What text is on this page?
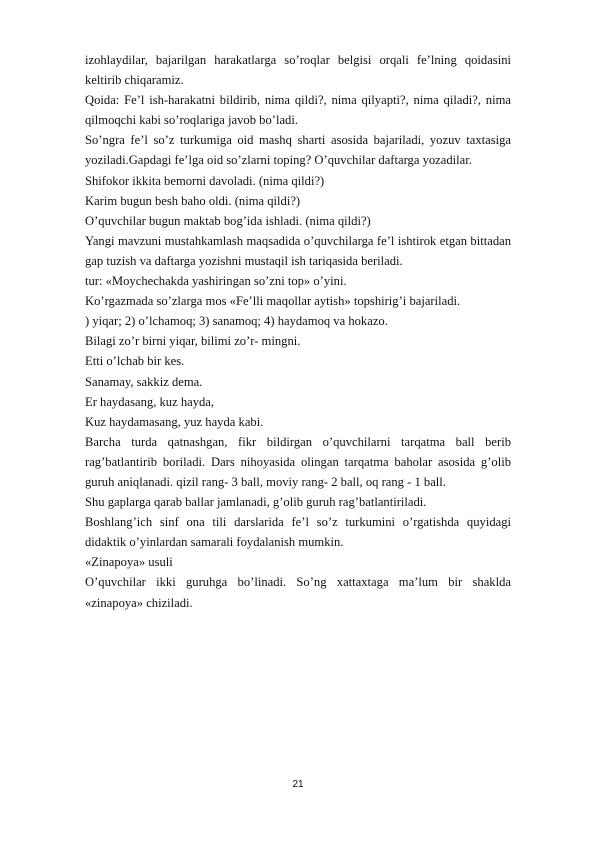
izohlaydilar, bajarilgan harakatlarga so’roqlar belgisi orqali fe’lning qoidasini keltirib chiqaramiz.

Qoida: Fe’l ish-harakatni bildirib, nima qildi?, nima qilyapti?, nima qiladi?, nima qilmoqchi kabi so’roqlariga javob bo’ladi.

So’ngra fe’l so’z turkumiga oid mashq sharti asosida bajariladi, yozuv taxtasiga yoziladi.Gapdagi fe’lga oid so’zlarni toping? O’quvchilar daftarga yozadilar.

Shifokor ikkita bemorni davoladi. (nima qildi?)

Karim bugun besh baho oldi. (nima qildi?)

O’quvchilar bugun maktab bog’ida ishladi. (nima qildi?)

Yangi mavzuni mustahkamlash maqsadida o’quvchilarga fe’l ishtirok etgan bittadan gap tuzish va daftarga yozishni mustaqil ish tariqasida beriladi.

tur: «Moychechakda yashiringan so’zni top» o’yini.

Ko’rgazmada so’zlarga mos «Fe’lli maqollar aytish» topshirig’i bajariladi.

) yiqar; 2) o’lchamoq; 3) sanamoq; 4) haydamoq va hokazo.

Bilagi zo’r birni yiqar, bilimi zo’r- mingni.

Etti o’lchab bir kes.

Sanamay, sakkiz dema.

Er haydasang, kuz hayda,

Kuz haydamasang, yuz hayda kabi.

Barcha turda qatnashgan, fikr bildirgan o’quvchilarni tarqatma ball berib rag’batlantirib boriladi. Dars nihoyasida olingan tarqatma baholar asosida g’olib guruh aniqlanadi. qizil rang- 3 ball, moviy rang- 2 ball, oq rang - 1 ball.

Shu gaplarga qarab ballar jamlanadi, g’olib guruh rag’batlantiriladi.

Boshlang’ich sinf ona tili darslarida fe’l so’z turkumini o’rgatishda quyidagi didaktik o’yinlardan samarali foydalanish mumkin.

«Zinapoya» usuli

O’quvchilar ikki guruhga bo’linadi. So’ng xattaxtaga ma’lum bir shaklda «zinapoya» chiziladi.

21
